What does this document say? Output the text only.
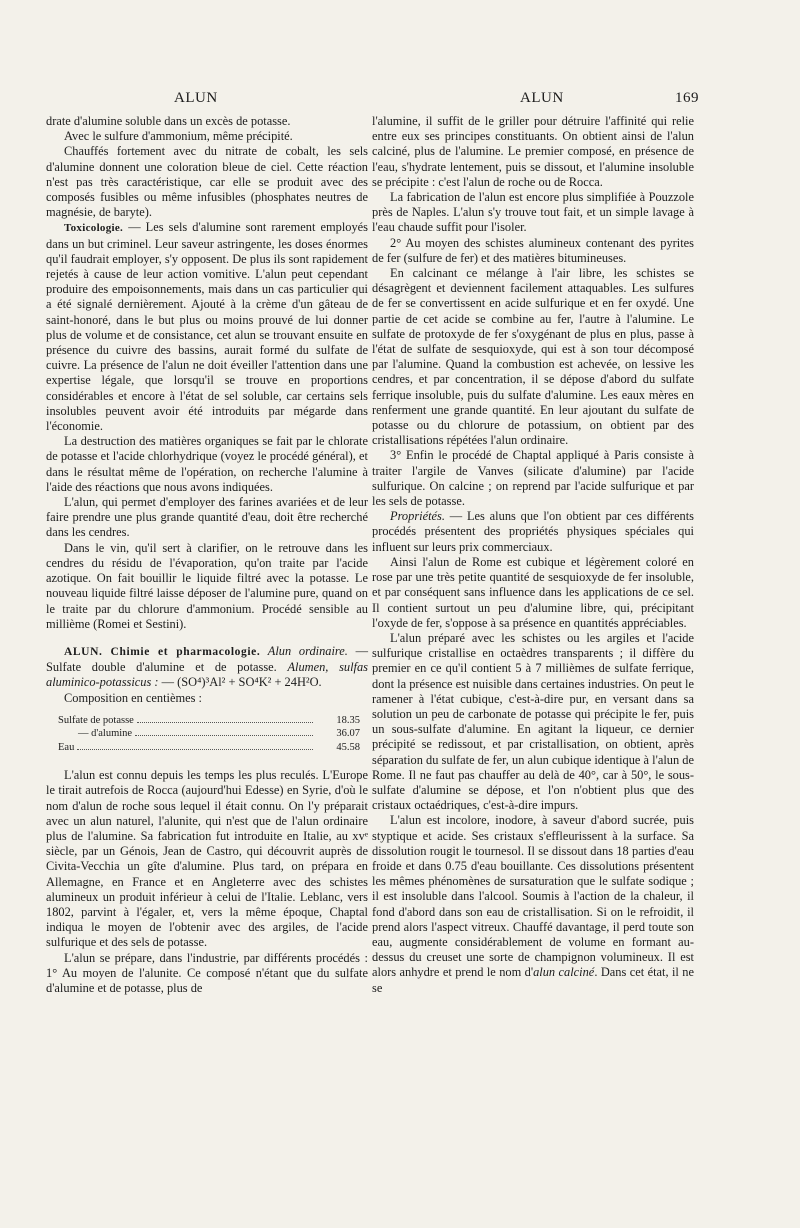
ALUN	ALUN	169

drate d'alumine soluble dans un excès de potasse.

Avec le sulfure d'ammonium, même précipité.

Chauffés fortement avec du nitrate de cobalt, les sels d'alumine donnent une coloration bleue de ciel. Cette réaction n'est pas très caractéristique, car elle se produit avec des composés fusibles ou même infusibles (phosphates neutres de magnésie, de baryte).

Toxicologie. — Les sels d'alumine sont rarement employés dans un but criminel. Leur saveur astringente, les doses énormes qu'il faudrait employer, s'y opposent. De plus ils sont rapidement rejetés à cause de leur action vomitive. L'alun peut cependant produire des empoisonnements, mais dans un cas particulier qui a été signalé dernièrement. Ajouté à la crème d'un gâteau de saint-honoré, dans le but plus ou moins prouvé de lui donner plus de volume et de consistance, cet alun se trouvant ensuite en présence du cuivre des bassins, aurait formé du sulfate de cuivre. La présence de l'alun ne doit éveiller l'attention dans une expertise légale, que lorsqu'il se trouve en proportions considérables et encore à l'état de sel soluble, car certains sels insolubles peuvent avoir été introduits par mégarde dans l'économie.

La destruction des matières organiques se fait par le chlorate de potasse et l'acide chlorhydrique (voyez le procédé général), et dans le résultat même de l'opération, on recherche l'alumine à l'aide des réactions que nous avons indiquées.

L'alun, qui permet d'employer des farines avariées et de leur faire prendre une plus grande quantité d'eau, doit être recherché dans les cendres.

Dans le vin, qu'il sert à clarifier, on le retrouve dans les cendres du résidu de l'évaporation, qu'on traite par l'acide azotique. On fait bouillir le liquide filtré avec la potasse. Le nouveau liquide filtré laisse déposer de l'alumine pure, quand on le traite par du chlorure d'ammonium. Procédé sensible au millième (Romei et Sestini).

ALUN. Chimie et pharmacologie. Alun ordinaire. — Sulfate double d'alumine et de potasse. Alumen, sulfas aluminico-potassicus : — (SO⁴)³Al² + SO⁴K² + 24H²O.

Composition en centièmes :

Sulfate de potasse	18.35
— d'alumine	36.07
Eau	45.58

L'alun est connu depuis les temps les plus reculés. L'Europe le tirait autrefois de Rocca (aujourd'hui Edesse) en Syrie, d'où le nom d'alun de roche sous lequel il était connu. On l'y préparait avec un alun naturel, l'alunite, qui n'est que de l'alun ordinaire plus de l'alumine. Sa fabrication fut introduite en Italie, au xvᵉ siècle, par un Génois, Jean de Castro, qui découvrit auprès de Civita-Vecchia un gîte d'alumine. Plus tard, on prépara en Allemagne, en France et en Angleterre avec des schistes alumineux un produit inférieur à celui de l'Italie. Leblanc, vers 1802, parvint à l'égaler, et, vers la même époque, Chaptal indiqua le moyen de l'obtenir avec des argiles, de l'acide sulfurique et des sels de potasse.

L'alun se prépare, dans l'industrie, par différents procédés : 1° Au moyen de l'alunite. Ce composé n'étant que du sulfate d'alumine et de potasse, plus de

l'alumine, il suffit de le griller pour détruire l'affinité qui relie entre eux ses principes constituants. On obtient ainsi de l'alun calciné, plus de l'alumine. Le premier composé, en présence de l'eau, s'hydrate lentement, puis se dissout, et l'alumine insoluble se précipite : c'est l'alun de roche ou de Rocca.

La fabrication de l'alun est encore plus simplifiée à Pouzzole près de Naples. L'alun s'y trouve tout fait, et un simple lavage à l'eau chaude suffit pour l'isoler.

2° Au moyen des schistes alumineux contenant des pyrites de fer (sulfure de fer) et des matières bitumineuses.

En calcinant ce mélange à l'air libre, les schistes se désagrègent et deviennent facilement attaquables. Les sulfures de fer se convertissent en acide sulfurique et en fer oxydé. Une partie de cet acide se combine au fer, l'autre à l'alumine. Le sulfate de protoxyde de fer s'oxygénant de plus en plus, passe à l'état de sulfate de sesquioxyde, qui est à son tour décomposé par l'alumine. Quand la combustion est achevée, on lessive les cendres, et par concentration, il se dépose d'abord du sulfate ferrique insoluble, puis du sulfate d'alumine. Les eaux mères en renferment une grande quantité. En leur ajoutant du sulfate de potasse ou du chlorure de potassium, on obtient par des cristallisations répétées l'alun ordinaire.

3° Enfin le procédé de Chaptal appliqué à Paris consiste à traiter l'argile de Vanves (silicate d'alumine) par l'acide sulfurique. On calcine ; on reprend par l'acide sulfurique et par les sels de potasse.

Propriétés. — Les aluns que l'on obtient par ces différents procédés présentent des propriétés physiques spéciales qui influent sur leurs prix commerciaux.

Ainsi l'alun de Rome est cubique et légèrement coloré en rose par une très petite quantité de sesquioxyde de fer insoluble, et par conséquent sans influence dans les applications de ce sel. Il contient surtout un peu d'alumine libre, qui, précipitant l'oxyde de fer, s'oppose à sa présence en quantités appréciables.

L'alun préparé avec les schistes ou les argiles et l'acide sulfurique cristallise en octaèdres transparents ; il diffère du premier en ce qu'il contient 5 à 7 millièmes de sulfate ferrique, dont la présence est nuisible dans certaines industries. On peut le ramener à l'état cubique, c'est-à-dire pur, en versant dans sa solution un peu de carbonate de potasse qui précipite le fer, puis un sous-sulfate d'alumine. En agitant la liqueur, ce dernier précipité se redissout, et par cristallisation, on obtient, après séparation du sulfate de fer, un alun cubique identique à l'alun de Rome. Il ne faut pas chauffer au delà de 40°, car à 50°, le sous-sulfate d'alumine se dépose, et l'on n'obtient plus que des cristaux octaédriques, c'est-à-dire impurs.

L'alun est incolore, inodore, à saveur d'abord sucrée, puis styptique et acide. Ses cristaux s'effleurissent à la surface. Sa dissolution rougit le tournesol. Il se dissout dans 18 parties d'eau froide et dans 0.75 d'eau bouillante. Ces dissolutions présentent les mêmes phénomènes de sursaturation que le sulfate sodique ; il est insoluble dans l'alcool. Soumis à l'action de la chaleur, il fond d'abord dans son eau de cristallisation. Si on le refroidit, il prend alors l'aspect vitreux. Chauffé davantage, il perd toute son eau, augmente considérablement de volume en formant au-dessus du creuset une sorte de champignon volumineux. Il est alors anhydre et prend le nom d'alun calciné. Dans cet état, il ne se
